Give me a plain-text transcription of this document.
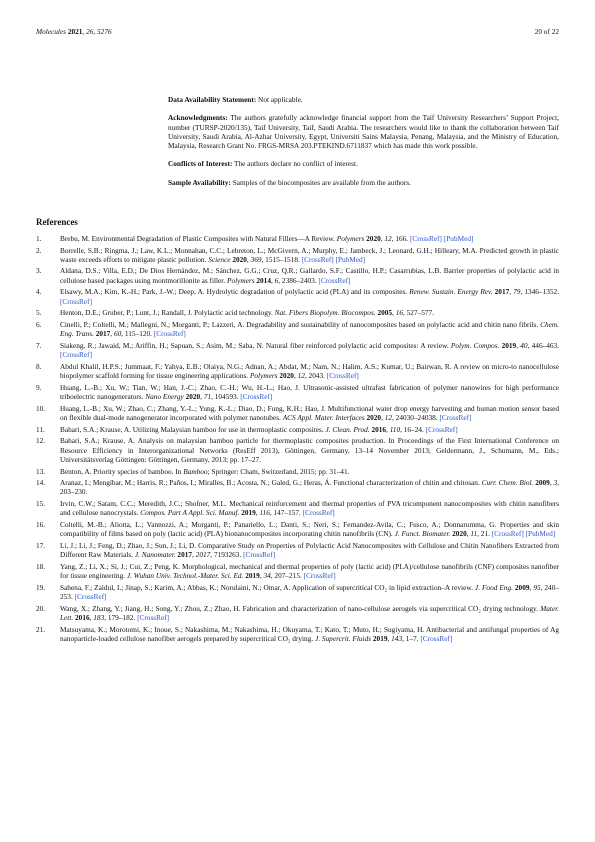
Molecules 2021, 26, 5276	20 of 22

Data Availability Statement: Not applicable.

Acknowledgments: The authors gratefully acknowledge financial support from the Taif University Researchers’ Support Project, number (TURSP-2020/135), Taif University, Taif, Saudi Arabia. The researchers would like to thank the collaboration between Taif University, Saudi Arabia, Al-Azhar University, Egypt, Universiti Sains Malaysia, Penang, Malaysia, and the Ministry of Education, Malaysia, Research Grant No. FRGS-MRSA 203.PTEKIND.6711837 which has made this work possible.

Conflicts of Interest: The authors declare no conflict of interest.

Sample Availability: Samples of the biocomposites are available from the authors.

References
1.	Brebu, M. Environmental Degradation of Plastic Composites with Natural Fillers—A Review. Polymers 2020, 12, 166. [CrossRef] [PubMed]
2.	Borrelle, S.B.; Ringma, J.; Law, K.L.; Monnahan, C.C.; Lebreton, L.; McGivern, A.; Murphy, E.; Jambeck, J.; Leonard, G.H.; Hilleary, M.A. Predicted growth in plastic waste exceeds efforts to mitigate plastic pollution. Science 2020, 369, 1515–1518. [CrossRef] [PubMed]
3.	Aldana, D.S.; Villa, E.D.; De Dios Hernández, M.; Sánchez, G.G.; Cruz, Q.R.; Gallardo, S.F.; Castillo, H.P.; Casarrubias, L.B. Barrier properties of polylactic acid in cellulose based packages using montmorillonite as filler. Polymers 2014, 6, 2386–2403. [CrossRef]
4.	Elsawy, M.A.; Kim, K.-H.; Park, J.-W.; Deep, A. Hydrolytic degradation of polylactic acid (PLA) and its composites. Renew. Sustain. Energy Rev. 2017, 79, 1346–1352. [CrossRef]
5.	Henton, D.E.; Gruber, P.; Lunt, J.; Randall, J. Polylactic acid technology. Nat. Fibers Biopolym. Biocompos. 2005, 16, 527–577.
6.	Cinelli, P.; Coltelli, M.; Mallegni, N.; Morganti, P.; Lazzeri, A. Degradability and sustainability of nanocomposites based on polylactic acid and chitin nano fibrils. Chem. Eng. Trans. 2017, 60, 115–120. [CrossRef]
7.	Siakeng, R.; Jawaid, M.; Ariffin, H.; Sapuan, S.; Asim, M.; Saba, N. Natural fiber reinforced polylactic acid composites: A review. Polym. Compos. 2019, 40, 446–463. [CrossRef]
8.	Abdul Khalil, H.P.S.; Jummaat, F.; Yahya, E.B.; Olaiya, N.G.; Adnan, A.; Abdat, M.; Nam, N.; Halim, A.S.; Kumar, U.; Bairwan, R. A review on micro-to nanocellulose biopolymer scaffold forming for tissue engineering applications. Polymers 2020, 12, 2043. [CrossRef]
9.	Huang, L.-B.; Xu, W.; Tian, W.; Han, J.-C.; Zhao, C.-H.; Wu, H.-L.; Hao, J. Ultrasonic-assisted ultrafast fabrication of polymer nanowires for high performance triboelectric nanogenerators. Nano Energy 2020, 71, 104593. [CrossRef]
10. Huang, L.-B.; Xu, W.; Zhao, C.; Zhang, Y.-L.; Yung, K.-L.; Diao, D.; Fung, K.H.; Hao, J. Multifunctional water drop energy harvesting and human motion sensor based on flexible dual-mode nanogenerator incorporated with polymer nanotubes. ACS Appl. Mater. Interfaces 2020, 12, 24030–24038. [CrossRef]
11. Bahari, S.A.; Krause, A. Utilizing Malaysian bamboo for use in thermoplastic composites. J. Clean. Prod. 2016, 110, 16–24. [CrossRef]
12. Bahari, S.A.; Krause, A. Analysis on malaysian bamboo particle for thermoplastic composites production. In Proceedings of the First International Conference on Resource Efficiency in Interorganizational Networks (ResEff 2013), Göttingen, Germany, 13–14 November 2013; Geldermann, J., Schumann, M., Eds.; Universitätsverlag Göttingen: Göttingen, Germany, 2013; pp. 17–27.
13. Benton, A. Priority species of bamboo. In Bamboo; Springer: Cham, Switzerland, 2015; pp. 31–41.
14. Aranaz, I.; Mengíbar, M.; Harris, R.; Paños, I.; Miralles, B.; Acosta, N.; Galed, G.; Heras, Á. Functional characterization of chitin and chitosan. Curr. Chem. Biol. 2009, 3, 203–230.
15. Irvin, C.W.; Satam, C.C.; Meredith, J.C.; Shofner, M.L. Mechanical reinforcement and thermal properties of PVA tricomponent nanocomposites with chitin nanofibers and cellulose nanocrystals. Compos. Part A Appl. Sci. Manuf. 2019, 116, 147–157. [CrossRef]
16. Coltelli, M.-B.; Aliotta, L.; Vannozzi, A.; Morganti, P.; Panariello, L.; Danti, S.; Neri, S.; Fernandez-Avila, C.; Fusco, A.; Donnarumma, G. Properties and skin compatibility of films based on poly (lactic acid) (PLA) bionanocomposites incorporating chitin nanofibrils (CN). J. Funct. Biomater. 2020, 11, 21. [CrossRef] [PubMed]
17. Li, J.; Li, J.; Feng, D.; Zhao, J.; Sun, J.; Li, D. Comparative Study on Properties of Polylactic Acid Nanocomposites with Cellulose and Chitin Nanofibers Extracted from Different Raw Materials. J. Nanomater. 2017, 2017, 7193263. [CrossRef]
18. Yang, Z.; Li, X.; Si, J.; Cui, Z.; Peng, K. Morphological, mechanical and thermal properties of poly (lactic acid) (PLA)/cellulose nanofibrils (CNF) composites nanofiber for tissue engineering. J. Wuhan Univ. Technol.-Mater. Sci. Ed. 2019, 34, 207–215. [CrossRef]
19. Sahena, F.; Zaidul, I.; Jinap, S.; Karim, A.; Abbas, K.; Norulaini, N.; Omar, A. Application of supercritical CO₂ in lipid extraction–A review. J. Food Eng. 2009, 95, 240–253. [CrossRef]
20. Wang, X.; Zhang, Y.; Jiang, H.; Song, Y.; Zhou, Z.; Zhao, H. Fabrication and characterization of nano-cellulose aerogels via supercritical CO₂ drying technology. Mater. Lett. 2016, 183, 179–182. [CrossRef]
21. Matsuyama, K.; Morotomi, K.; Inoue, S.; Nakashima, M.; Nakashima, H.; Okuyama, T.; Kato, T.; Muto, H.; Sugiyama, H. Antibacterial and antifungal properties of Ag nanoparticle-loaded cellulose nanofiber aerogels prepared by supercritical CO₂ drying. J. Supercrit. Fluids 2019, 143, 1–7. [CrossRef]
